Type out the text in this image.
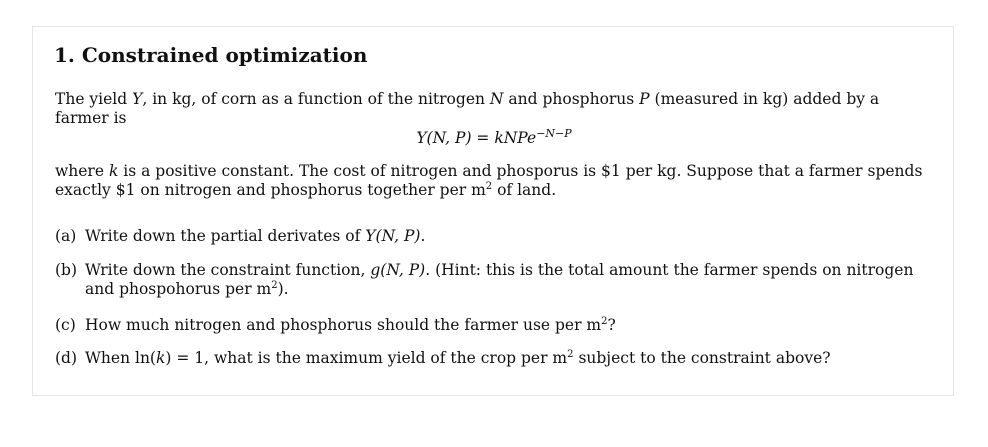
1. Constrained optimization

The yield Y, in kg, of corn as a function of the nitrogen N and phosphorus P (measured in kg) added by a farmer is

Y(N, P) = kNPe$^{-N-P}$

where k is a positive constant. The cost of nitrogen and phosporus is $1 per kg. Suppose that a farmer spends exactly $1 on nitrogen and phosphorus together per $m^2$ of land.

(a) Write down the partial derivates of Y(N, P).
(b) Write down the constraint function, g(N, P). (Hint: this is the total amount the farmer spends on nitrogen and phospohorus per $m^2$).
(c) How much nitrogen and phosphorus should the farmer use per $m^2$?
(d) When ln(k) = 1, what is the maximum yield of the crop per $m^2$ subject to the constraint above?
